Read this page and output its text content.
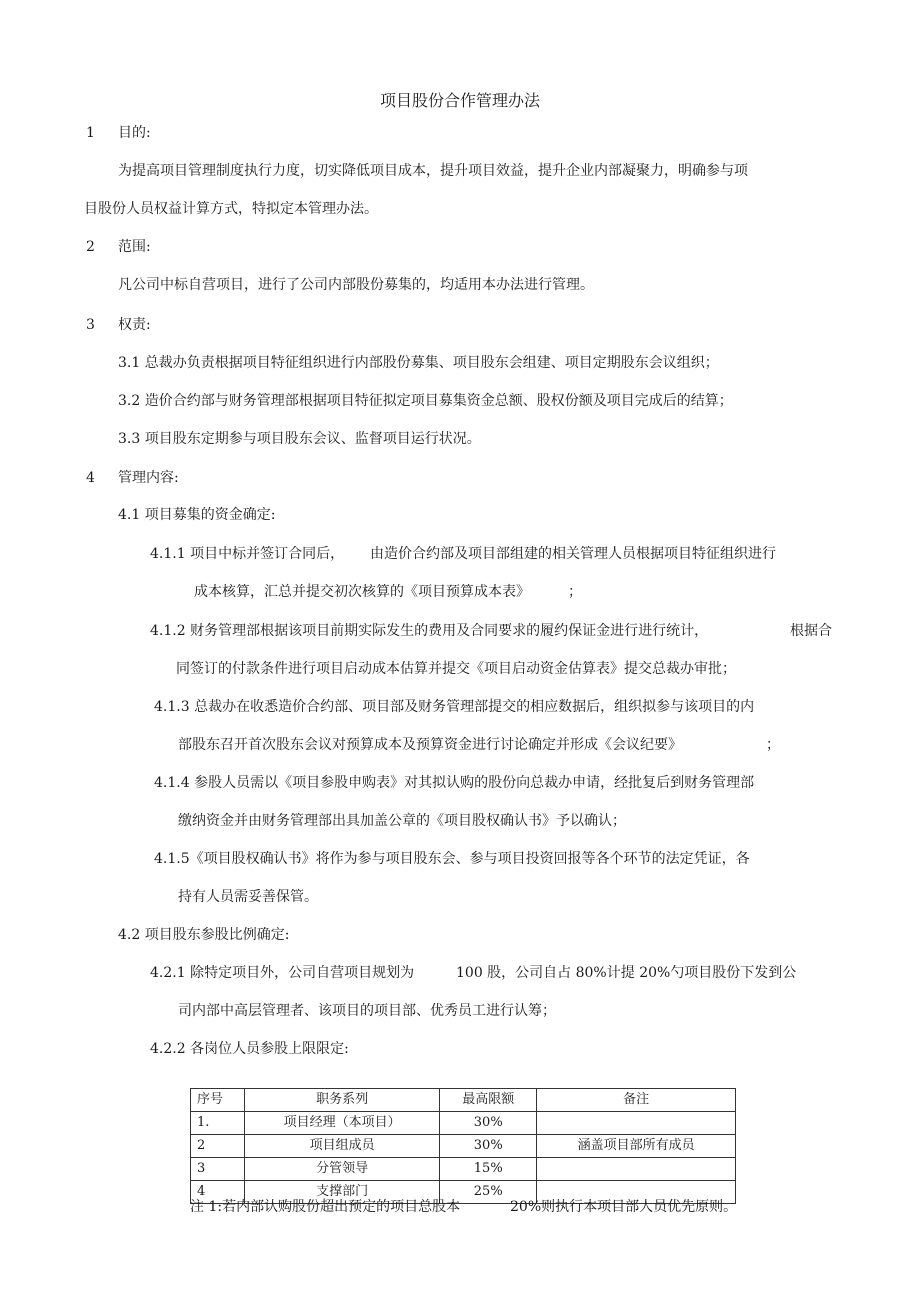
项目股份合作管理办法
1 目的:
为提高项目管理制度执行力度，切实降低项目成本，提升项目效益，提升企业内部凝聚力，明确参与项
目股份人员权益计算方式，特拟定本管理办法。
2 范围:
凡公司中标自营项目，进行了公司内部股份募集的，均适用本办法进行管理。
3 权责:
3.1 总裁办负责根据项目特征组织进行内部股份募集、项目股东会组建、项目定期股东会议组织；
3.2 造价合约部与财务管理部根据项目特征拟定项目募集资金总额、股权份额及项目完成后的结算；
3.3 项目股东定期参与项目股东会议、监督项目运行状况。
4 管理内容:
4.1 项目募集的资金确定:
4.1.1 项目中标并签订合同后， 由造价合约部及项目部组建的相关管理人员根据项目特征组织进行
成本核算，汇总并提交初次核算的《项目预算成本表》	；
4.1.2 财务管理部根据该项目前期实际发生的费用及合同要求的履约保证金进行进行统计，	根据合
同签订的付款条件进行项目启动成本估算并提交《项目启动资金估算表》提交总裁办审批；
4.1.3 总裁办在收悉造价合约部、项目部及财务管理部提交的相应数据后，组织拟参与该项目的内
部股东召开首次股东会议对预算成本及预算资金进行讨论确定并形成《会议纪要》	；
4.1.4 参股人员需以《项目参股申购表》对其拟认购的股份向总裁办申请，经批复后到财务管理部
缴纳资金并由财务管理部出具加盖公章的《项目股权确认书》予以确认；
4.1.5《项目股权确认书》将作为参与项目股东会、参与项目投资回报等各个环节的法定凭证，各
持有人员需妥善保管。
4.2 项目股东参股比例确定:
4.2.1 除特定项目外，公司自营项目规划为	100 股，公司自占 80%计提 20%勺项目股份下发到公
司内部中高层管理者、该项目的项目部、优秀员工进行认筹；
4.2.2 各岗位人员参股上限限定:
序号	职务系列	最高限额	备注
1.	项目经理（本项目）	30%	
2	项目组成员	30%	涵盖项目部所有成员
3	分管领导	15%	
4	支撑部门	25%	
注 1:若内部认购股份超出预定的项目总股本	20%则执行本项目部人员优先原则。
